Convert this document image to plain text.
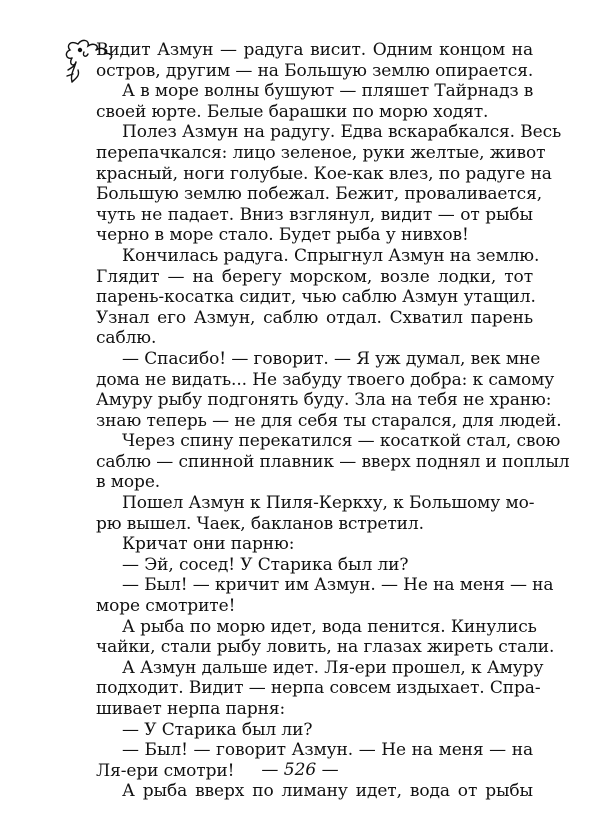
Видит Азмун — радуга висит. Одним концом на
остров, другим — на Большую землю опирается.
А в море волны бушуют — пляшет Тайрнадз в
своей юрте. Белые барашки по морю ходят.
Полез Азмун на радугу. Едва вскарабкался. Весь
перепачкался: лицо зеленое, руки желтые, живот
красный, ноги голубые. Кое-как влез, по радуге на
Большую землю побежал. Бежит, проваливается,
чуть не падает. Вниз взглянул, видит — от рыбы
черно в море стало. Будет рыба у нивхов!
Кончилась радуга. Спрыгнул Азмун на землю.
Глядит — на берегу морском, возле лодки, тот
парень-косатка сидит, чью саблю Азмун утащил.
Узнал его Азмун, саблю отдал. Схватил парень
саблю.
— Спасибо! — говорит. — Я уж думал, век мне
дома не видать... Не забуду твоего добра: к самому
Амуру рыбу подгонять буду. Зла на тебя не храню:
знаю теперь — не для себя ты старался, для людей.
Через спину перекатился — косаткой стал, свою
саблю — спинной плавник — вверх поднял и поплыл
в море.
Пошел Азмун к Пиля-Керкху, к Большому мо-
рю вышел. Чаек, бакланов встретил.
Кричат они парню:
— Эй, сосед! У Старика был ли?
— Был! — кричит им Азмун. — Не на меня — на
море смотрите!
А рыба по морю идет, вода пенится. Кинулись
чайки, стали рыбу ловить, на глазах жиреть стали.
А Азмун дальше идет. Ля-ери прошел, к Амуру
подходит. Видит — нерпа совсем издыхает. Спра-
шивает нерпа парня:
— У Старика был ли?
— Был! — говорит Азмун. — Не на меня — на
Ля-ери смотри!
А рыба вверх по лиману идет, вода от рыбы
— 526 —
